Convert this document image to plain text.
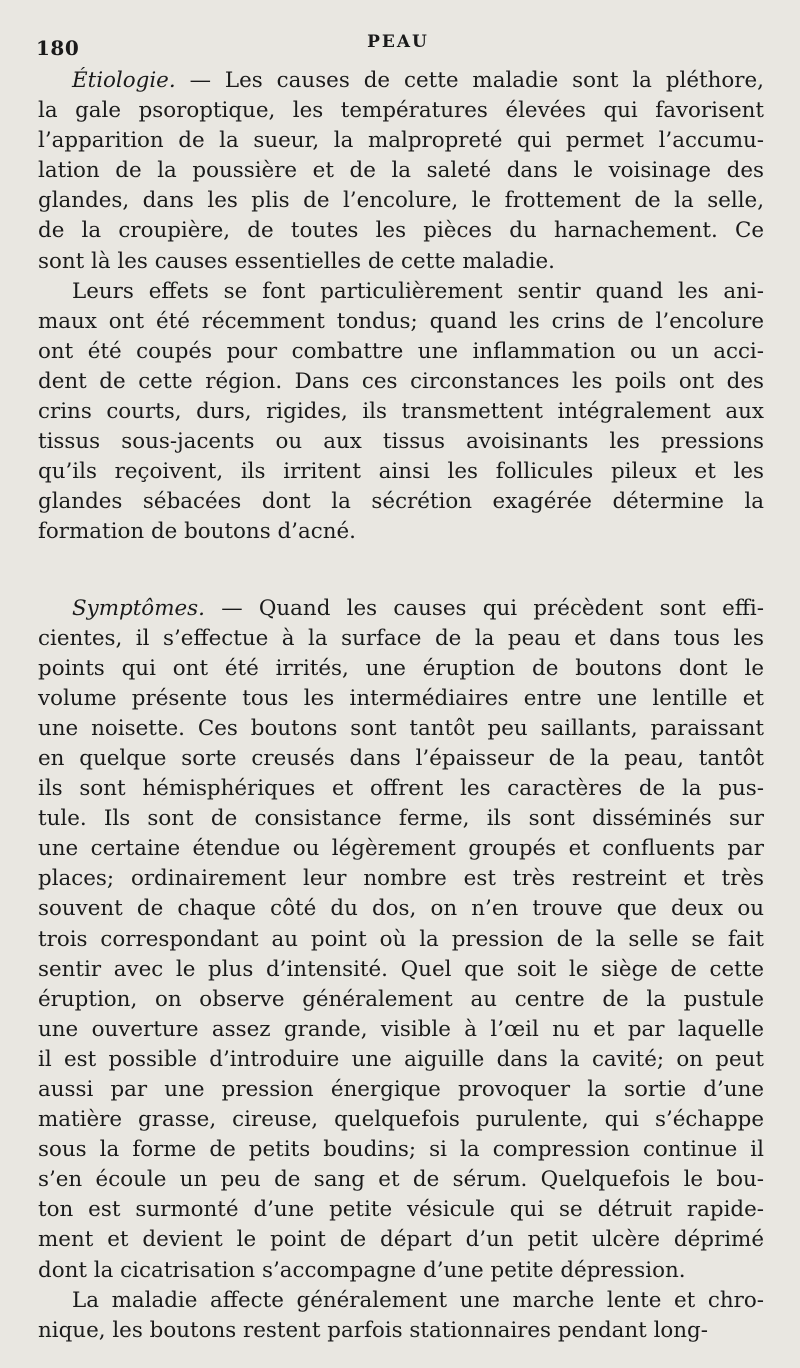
180	PEAU

Étiologie. — Les causes de cette maladie sont la pléthore,
la gale psoroptique, les températures élevées qui favorisent
l’apparition de la sueur, la malpropreté qui permet l’accumu-
lation de la poussière et de la saleté dans le voisinage des
glandes, dans les plis de l’encolure, le frottement de la selle,
de la croupière, de toutes les pièces du harnachement. Ce
sont là les causes essentielles de cette maladie.

Leurs effets se font particulièrement sentir quand les ani-
maux ont été récemment tondus; quand les crins de l’encolure
ont été coupés pour combattre une inflammation ou un acci-
dent de cette région. Dans ces circonstances les poils ont des
crins courts, durs, rigides, ils transmettent intégralement aux
tissus sous-jacents ou aux tissus avoisinants les pressions
qu’ils reçoivent, ils irritent ainsi les follicules pileux et les
glandes sébacées dont la sécrétion exagérée détermine la
formation de boutons d’acné.

Symptômes. — Quand les causes qui précèdent sont effi-
cientes, il s’effectue à la surface de la peau et dans tous les
points qui ont été irrités, une éruption de boutons dont le
volume présente tous les intermédiaires entre une lentille et
une noisette. Ces boutons sont tantôt peu saillants, paraissant
en quelque sorte creusés dans l’épaisseur de la peau, tantôt
ils sont hémisphériques et offrent les caractères de la pus-
tule. Ils sont de consistance ferme, ils sont disséminés sur
une certaine étendue ou légèrement groupés et confluents par
places; ordinairement leur nombre est très restreint et très
souvent de chaque côté du dos, on n’en trouve que deux ou
trois correspondant au point où la pression de la selle se fait
sentir avec le plus d’intensité. Quel que soit le siège de cette
éruption, on observe généralement au centre de la pustule
une ouverture assez grande, visible à l’œil nu et par laquelle
il est possible d’introduire une aiguille dans la cavité; on peut
aussi par une pression énergique provoquer la sortie d’une
matière grasse, cireuse, quelquefois purulente, qui s’échappe
sous la forme de petits boudins; si la compression continue il
s’en écoule un peu de sang et de sérum. Quelquefois le bou-
ton est surmonté d’une petite vésicule qui se détruit rapide-
ment et devient le point de départ d’un petit ulcère déprimé
dont la cicatrisation s’accompagne d’une petite dépression.

La maladie affecte généralement une marche lente et chro-
nique, les boutons restent parfois stationnaires pendant long-
